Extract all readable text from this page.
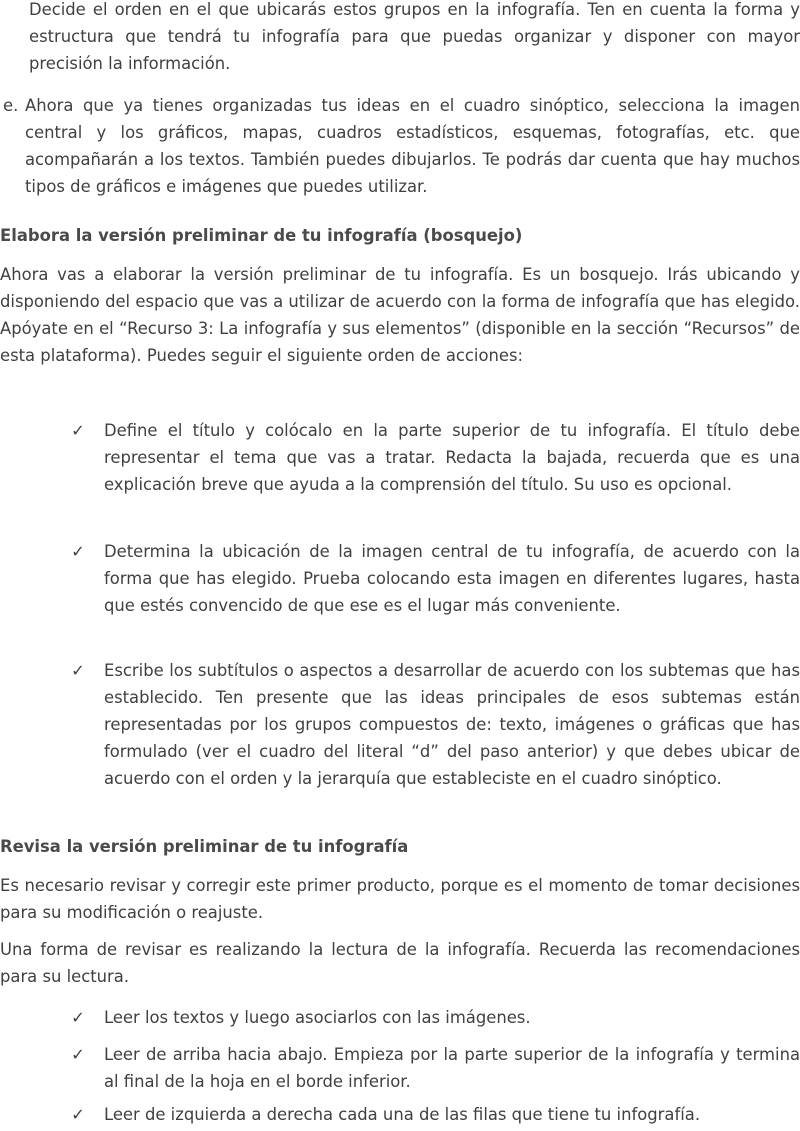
Decide el orden en el que ubicarás estos grupos en la infografía. Ten en cuenta la forma y estructura que tendrá tu infografía para que puedas organizar y disponer con mayor precisión la información.

e. Ahora que ya tienes organizadas tus ideas en el cuadro sinóptico, selecciona la imagen central y los gráficos, mapas, cuadros estadísticos, esquemas, fotografías, etc. que acompañarán a los textos. También puedes dibujarlos. Te podrás dar cuenta que hay muchos tipos de gráficos e imágenes que puedes utilizar.

Elabora la versión preliminar de tu infografía (bosquejo)

Ahora vas a elaborar la versión preliminar de tu infografía. Es un bosquejo. Irás ubicando y disponiendo del espacio que vas a utilizar de acuerdo con la forma de infografía que has elegido. Apóyate en el “Recurso 3: La infografía y sus elementos” (disponible en la sección “Recursos” de esta plataforma). Puedes seguir el siguiente orden de acciones:

✓ Define el título y colócalo en la parte superior de tu infografía. El título debe representar el tema que vas a tratar. Redacta la bajada, recuerda que es una explicación breve que ayuda a la comprensión del título. Su uso es opcional.

✓ Determina la ubicación de la imagen central de tu infografía, de acuerdo con la forma que has elegido. Prueba colocando esta imagen en diferentes lugares, hasta que estés convencido de que ese es el lugar más conveniente.

✓ Escribe los subtítulos o aspectos a desarrollar de acuerdo con los subtemas que has establecido. Ten presente que las ideas principales de esos subtemas están representadas por los grupos compuestos de: texto, imágenes o gráficas que has formulado (ver el cuadro del literal “d” del paso anterior) y que debes ubicar de acuerdo con el orden y la jerarquía que estableciste en el cuadro sinóptico.

Revisa la versión preliminar de tu infografía

Es necesario revisar y corregir este primer producto, porque es el momento de tomar decisiones para su modificación o reajuste.

Una forma de revisar es realizando la lectura de la infografía. Recuerda las recomendaciones para su lectura.

✓ Leer los textos y luego asociarlos con las imágenes.

✓ Leer de arriba hacia abajo. Empieza por la parte superior de la infografía y termina al final de la hoja en el borde inferior.

✓ Leer de izquierda a derecha cada una de las filas que tiene tu infografía.
